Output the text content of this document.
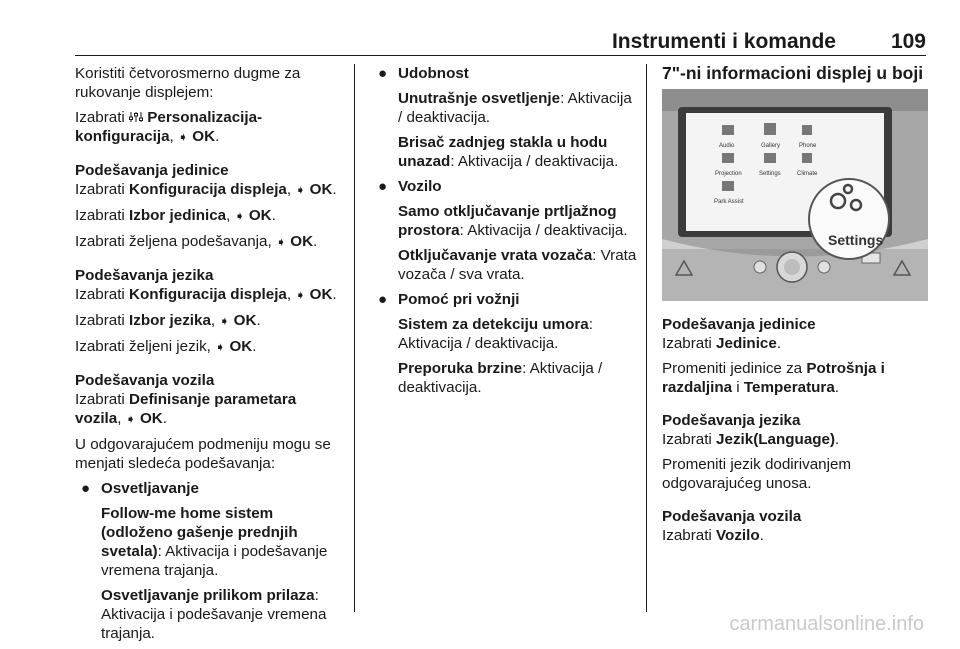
Instrumenti i komande	109

Koristiti četvorosmerno dugme za rukovanje displejem:

Izabrati Personalizacija-konfiguracija, ➧ OK.

Podešavanja jedinice

Izabrati Konfiguracija displeja, ➧ OK.

Izabrati Izbor jedinica, ➧ OK.

Izabrati željena podešavanja, ➧ OK.

Podešavanja jezika

Izabrati Konfiguracija displeja, ➧ OK.

Izabrati Izbor jezika, ➧ OK.

Izabrati željeni jezik, ➧ OK.

Podešavanja vozila

Izabrati Definisanje parametara vozila, ➧ OK.

U odgovarajućem podmeniju mogu se menjati sledeća podešavanja:

● Osvetljavanje

Follow-me home sistem (odloženo gašenje prednjih svetala): Aktivacija i podešavanje vremena trajanja.

Osvetljavanje prilikom prilaza: Aktivacija i podešavanje vremena trajanja.

● Udobnost

Unutrašnje osvetljenje: Aktivacija / deaktivacija.

Brisač zadnjeg stakla u hodu unazad: Aktivacija / deaktivacija.

● Vozilo

Samo otključavanje prtljažnog prostora: Aktivacija / deaktivacija.

Otključavanje vrata vozača: Vrata vozača / sva vrata.

● Pomoć pri vožnji

Sistem za detekciju umora: Aktivacija / deaktivacija.

Preporuka brzine: Aktivacija / deaktivacija.

7"-ni informacioni displej u boji

Audio	Gallery	Phone
Projection	Settings	Climate
Park Assist
Settings

Podešavanja jedinice

Izabrati Jedinice.

Promeniti jedinice za Potrošnja i razdaljina i Temperatura.

Podešavanja jezika

Izabrati Jezik(Language).

Promeniti jezik dodirivanjem odgovarajućeg unosa.

Podešavanja vozila

Izabrati Vozilo.

carmanualsonline.info
